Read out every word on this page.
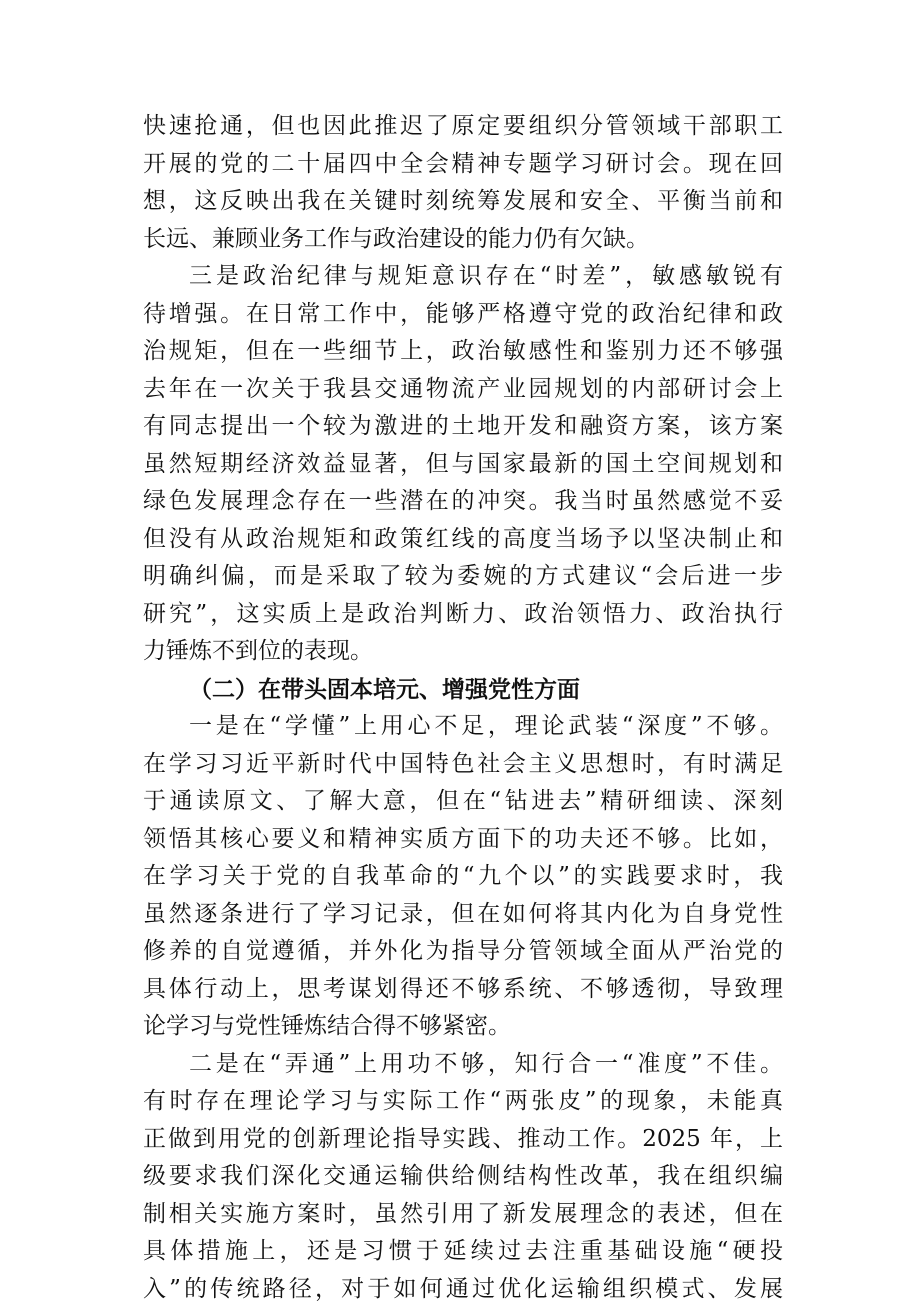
快速抢通，但也因此推迟了原定要组织分管领域干部职工
开展的党的二十届四中全会精神专题学习研讨会。现在回
想，这反映出我在关键时刻统筹发展和安全、平衡当前和
长远、兼顾业务工作与政治建设的能力仍有欠缺。
三是政治纪律与规矩意识存在“时差”，敏感敏锐有
待增强。在日常工作中，能够严格遵守党的政治纪律和政
治规矩，但在一些细节上，政治敏感性和鉴别力还不够强
去年在一次关于我县交通物流产业园规划的内部研讨会上
有同志提出一个较为激进的土地开发和融资方案，该方案
虽然短期经济效益显著，但与国家最新的国土空间规划和
绿色发展理念存在一些潜在的冲突。我当时虽然感觉不妥
但没有从政治规矩和政策红线的高度当场予以坚决制止和
明确纠偏，而是采取了较为委婉的方式建议“会后进一步
研究”，这实质上是政治判断力、政治领悟力、政治执行
力锤炼不到位的表现。
（二）在带头固本培元、增强党性方面
一是在“学懂”上用心不足，理论武装“深度”不够。
在学习习近平新时代中国特色社会主义思想时，有时满足
于通读原文、了解大意，但在“钻进去”精研细读、深刻
领悟其核心要义和精神实质方面下的功夫还不够。比如，
在学习关于党的自我革命的“九个以”的实践要求时，我
虽然逐条进行了学习记录，但在如何将其内化为自身党性
修养的自觉遵循，并外化为指导分管领域全面从严治党的
具体行动上，思考谋划得还不够系统、不够透彻，导致理
论学习与党性锤炼结合得不够紧密。
二是在“弄通”上用功不够，知行合一“准度”不佳。
有时存在理论学习与实际工作“两张皮”的现象，未能真
正做到用党的创新理论指导实践、推动工作。2025 年，上
级要求我们深化交通运输供给侧结构性改革，我在组织编
制相关实施方案时，虽然引用了新发展理念的表述，但在
具体措施上，还是习惯于延续过去注重基础设施“硬投
入”的传统路径，对于如何通过优化运输组织模式、发展
